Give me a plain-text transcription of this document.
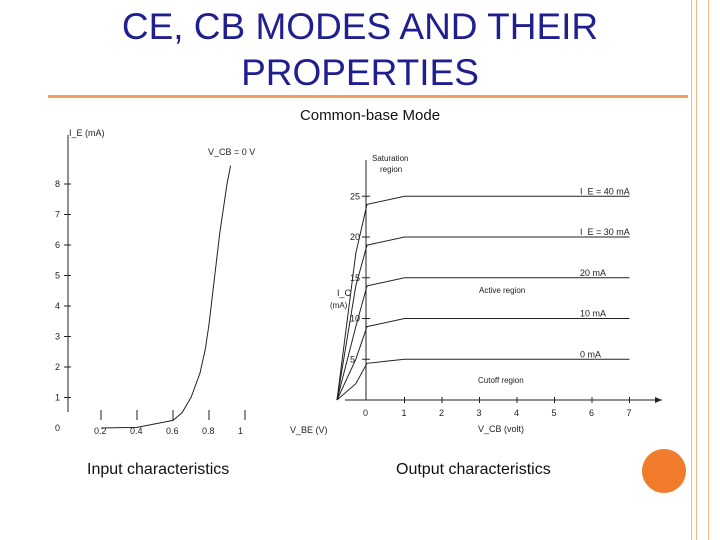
CE, CB MODES AND THEIR PROPERTIES
Common-base Mode
I_E (mA)
V_CB = 0 V
V_BE (V)
8
7
6
5
4
3
2
1
0	0.2	0.4	0.6	0.8	1
I_C
(mA)
V_CB (volt)
Saturation
region
Active region
Cutoff region
25
20
15
10
5
0	1	2	3	4	5	6	7
I_E = 40 mA
I_E = 30 mA
20 mA
10 mA
0 mA
Input characteristics	Output characteristics
